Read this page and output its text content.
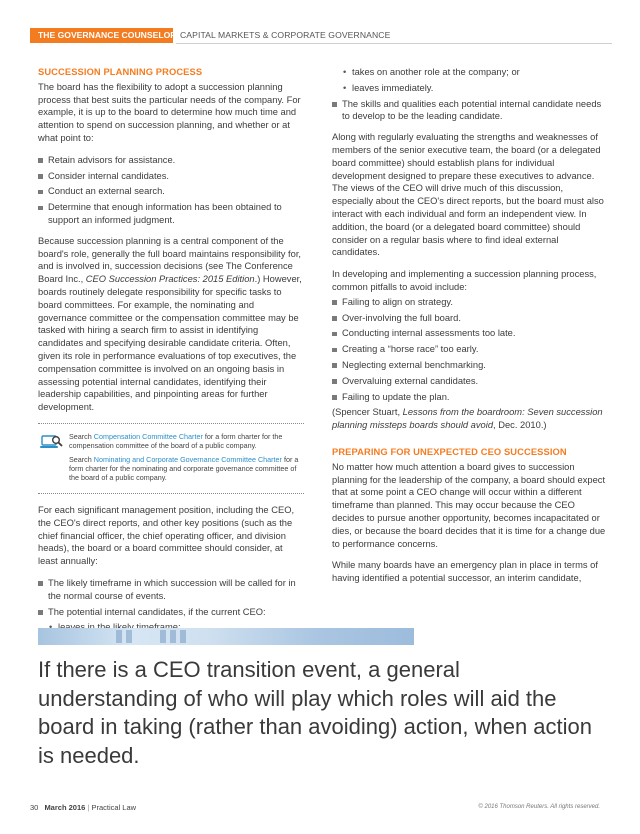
THE GOVERNANCE COUNSELOR CAPITAL MARKETS & CORPORATE GOVERNANCE
SUCCESSION PLANNING PROCESS

The board has the flexibility to adopt a succession planning process that best suits the particular needs of the company. For example, it is up to the board to determine how much time and attention to spend on succession planning, and whether or at what point to:

Retain advisors for assistance.
Consider internal candidates.
Conduct an external search.
Determine that enough information has been obtained to support an informed judgment.

Because succession planning is a central component of the board's role, generally the full board maintains responsibility for, and is involved in, succession decisions (see The Conference Board Inc., CEO Succession Practices: 2015 Edition.) However, boards routinely delegate responsibility for specific tasks to board committees. For example, the nominating and governance committee or the compensation committee may be tasked with hiring a search firm to assist in identifying candidates and specifying desirable candidate criteria. Often, given its role in performance evaluations of top executives, the compensation committee is involved on an ongoing basis in assessing potential internal candidates, identifying their leadership capabilities, and pinpointing areas for further development.

Search Compensation Committee Charter for a form charter for the compensation committee of the board of a public company.
Search Nominating and Corporate Governance Committee Charter for a form charter for the nominating and corporate governance committee of the board of a public company.

For each significant management position, including the CEO, the CEO's direct reports, and other key positions (such as the chief financial officer, the chief operating officer, and division heads), the board or a board committee should consider, at least annually:

The likely timeframe in which succession will be called for in the normal course of events.
The potential internal candidates, if the current CEO:
•
• takes on another role at the company; or
• leaves immediately.
The skills and qualities each potential internal candidate needs to develop to be the leading candidate.

Along with regularly evaluating the strengths and weaknesses of members of the senior executive team, the board (or a delegated board committee) should establish plans for individual development designed to prepare these executives to advance. The views of the CEO will drive much of this discussion, especially about the CEO's direct reports, but the board must also interact with each individual and form an independent view. In addition, the board (or a delegated board committee) should consider on a regular basis where to find ideal external candidates.

In developing and implementing a succession planning process, common pitfalls to avoid include:

Failing to align on strategy.
Over-involving the full board.
Conducting internal assessments too late.
Creating a “horse race” too early.
Neglecting external benchmarking.
Overvaluing external candidates.
Failing to update the plan.

(Spencer Stuart, Lessons from the boardroom: Seven succession planning missteps boards should avoid, Dec. 2010.)

PREPARING FOR UNEXPECTED CEO SUCCESSION

No matter how much attention a board gives to succession planning for the leadership of the company, a board should expect that at some point a CEO change will occur within a different timeframe than planned. This may occur because the CEO decides to pursue another opportunity, becomes incapacitated or dies, or because the board decides that it is time for a change due to performance concerns.

While many boards have an emergency plan in place in terms of having identified a potential successor, an interim candidate,

If there is a CEO transition event, a general understanding of who will play which roles will aid the board in taking (rather than avoiding) action, when action is needed.
30 March 2016 | Practical Law	© 2016 Thomson Reuters. All rights reserved.
